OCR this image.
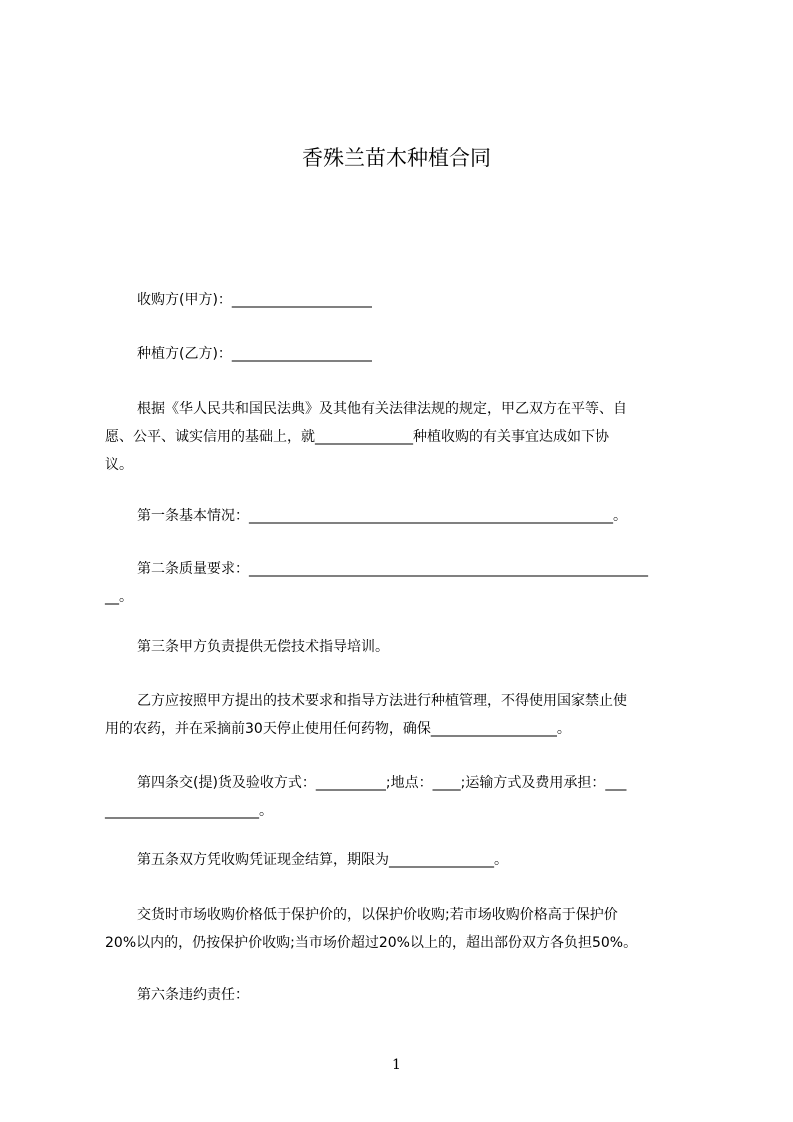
香殊兰苗木种植合同

收购方(甲方)：____________________

种植方(乙方)：____________________

根据《华人民共和国民法典》及其他有关法律法规的规定，甲乙双方在平等、自
愿、公平、诚实信用的基础上，就______________种植收购的有关事宜达成如下协
议。

第一条基本情况：____________________________________________________。

第二条质量要求：_________________________________________________________
__。

第三条甲方负责提供无偿技术指导培训。

乙方应按照甲方提出的技术要求和指导方法进行种植管理，不得使用国家禁止使
用的农药，并在采摘前30天停止使用任何药物，确保__________________。

第四条交(提)货及验收方式：__________;地点：____;运输方式及费用承担：___
______________________。

第五条双方凭收购凭证现金结算，期限为_______________。

交货时市场收购价格低于保护价的，以保护价收购;若市场收购价格高于保护价
20%以内的，仍按保护价收购;当市场价超过20%以上的，超出部份双方各负担50%。

第六条违约责任：

1
